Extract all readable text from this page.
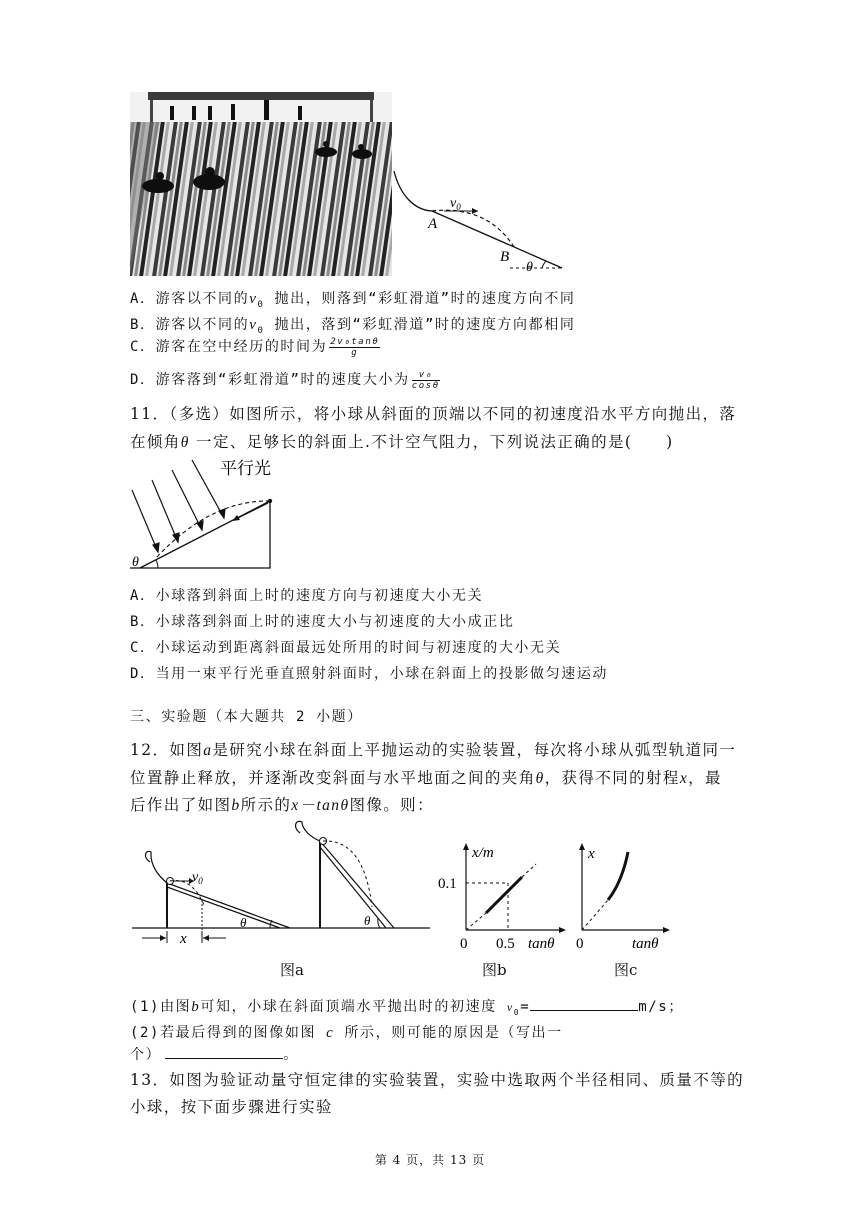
$v_0$
A
B
θ
A．游客以不同的$v_0$ 抛出，则落到“彩虹滑道”时的速度方向不同
B．游客以不同的$v_0$ 抛出，落到“彩虹滑道”时的速度方向都相同
C．游客在空中经历的时间为 $\frac{\text{2v₀tanθ}}{g}$
D．游客落到“彩虹滑道”时的速度大小为 $\frac{\text{v₀}}{\cos\theta}$
11．（多选）如图所示，将小球从斜面的顶端以不同的初速度沿水平方向抛出，落
在倾角θ 一定、足够长的斜面上.不计空气阻力，下列说法正确的是(　　)
平行光
θ
A．小球落到斜面上时的速度方向与初速度大小无关
B．小球落到斜面上时的速度大小与初速度的大小成正比
C．小球运动到距离斜面最远处所用的时间与初速度的大小无关
D．当用一束平行光垂直照射斜面时，小球在斜面上的投影做匀速运动
三、实验题（本大题共 2 小题）
12．如图a是研究小球在斜面上平抛运动的实验装置，每次将小球从弧型轨道同一
位置静止释放，并逐渐改变斜面与水平地面之间的夹角θ，获得不同的射程x，最
后作出了如图b所示的x－tanθ图像。则：
$v_0$
x
θ	θ
图a
x/m
0.1
0 0.5 tanθ
图b
x
0	tanθ
图c
(1)由图b可知，小球在斜面顶端水平抛出时的初速度 $v_0=$	m/s；
(2)若最后得到的图像如图 c 所示，则可能的原因是（写出一
个）	。
13．如图为验证动量守恒定律的实验装置，实验中选取两个半径相同、质量不等的
小球，按下面步骤进行实验
第 4 页，共 13 页
